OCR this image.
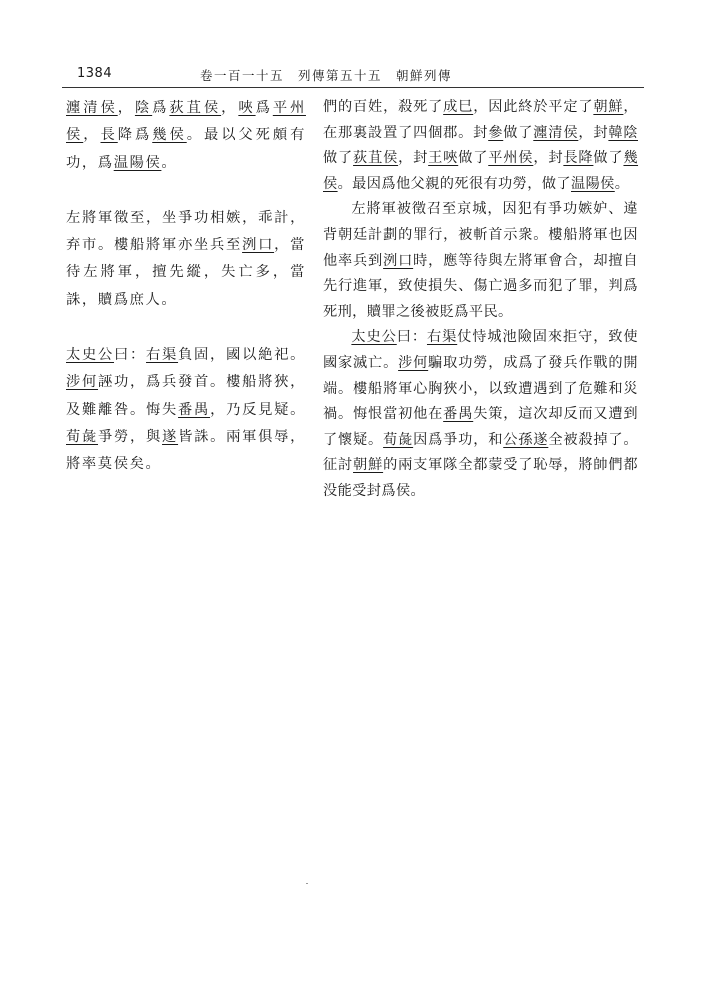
1384	卷一百一十五　列傳第五十五　朝鮮列傳

瀍清侯，陰爲荻苴侯，唊爲平州侯，長降爲幾侯。最以父死頗有功，爲温陽侯。

左將軍徵至，坐爭功相嫉，乖計，弃市。樓船將軍亦坐兵至洌口，當待左將軍，擅先縱，失亡多，當誅，贖爲庶人。

太史公曰：右渠負固，國以絶祀。涉何誣功，爲兵發首。樓船將狹，及難離咎。悔失番禺，乃反見疑。荀彘爭勞，與遂皆誅。兩軍俱辱，將率莫侯矣。

們的百姓，殺死了成巳，因此終於平定了朝鮮，在那裏設置了四個郡。封參做了瀍清侯，封韓陰做了荻苴侯，封王唊做了平州侯，封長降做了幾侯。最因爲他父親的死很有功勞，做了温陽侯。

左將軍被徵召至京城，因犯有爭功嫉妒、違背朝廷計劃的罪行，被斬首示衆。樓船將軍也因他率兵到洌口時，應等待與左將軍會合，却擅自先行進軍，致使損失、傷亡過多而犯了罪，判爲死刑，贖罪之後被貶爲平民。

太史公曰：右渠仗恃城池險固來拒守，致使國家滅亡。涉何騙取功勞，成爲了發兵作戰的開端。樓船將軍心胸狹小，以致遭遇到了危難和災禍。悔恨當初他在番禺失策，這次却反而又遭到了懷疑。荀彘因爲爭功，和公孫遂全被殺掉了。征討朝鮮的兩支軍隊全都蒙受了恥辱，將帥們都没能受封爲侯。
